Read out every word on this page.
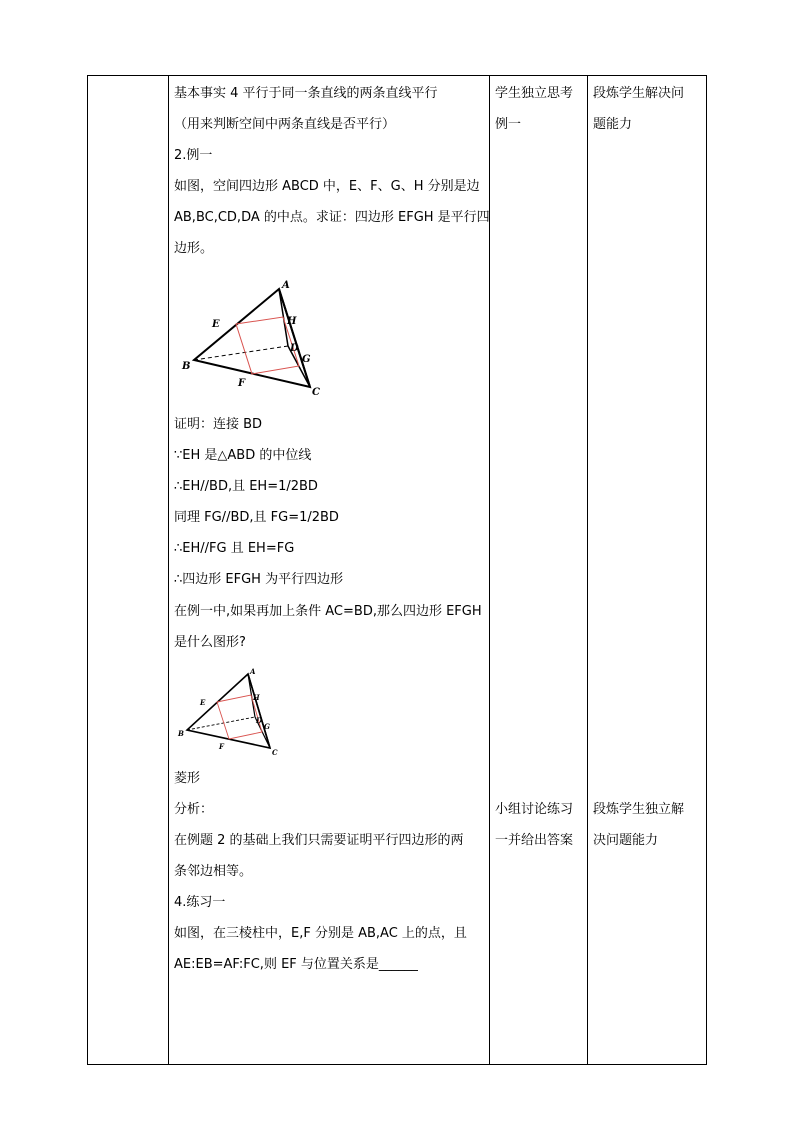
基本事实 4 平行于同一条直线的两条直线平行
（用来判断空间中两条直线是否平行）
2.例一
如图，空间四边形 ABCD 中，E、F、G、H 分别是边
AB,BC,CD,DA 的中点。求证：四边形 EFGH 是平行四
边形。
A
B
C
D
E
F
G
H
证明：连接 BD
∵EH 是△ABD 的中位线
∴EH//BD,且 EH=1/2BD
同理 FG//BD,且 FG=1/2BD
∴EH//FG 且 EH=FG
∴四边形 EFGH 为平行四边形
在例一中,如果再加上条件 AC=BD,那么四边形 EFGH
是什么图形?
A
B
C
D
E
F
G
H
菱形
分析：
在例题 2 的基础上我们只需要证明平行四边形的两
条邻边相等。
4.练习一
如图，在三棱柱中，E,F 分别是 AB,AC 上的点，且
AE:EB=AF:FC,则 EF 与位置关系是______
学生独立思考
例一
小组讨论练习
一并给出答案
段炼学生解决问
题能力
段炼学生独立解
决问题能力
